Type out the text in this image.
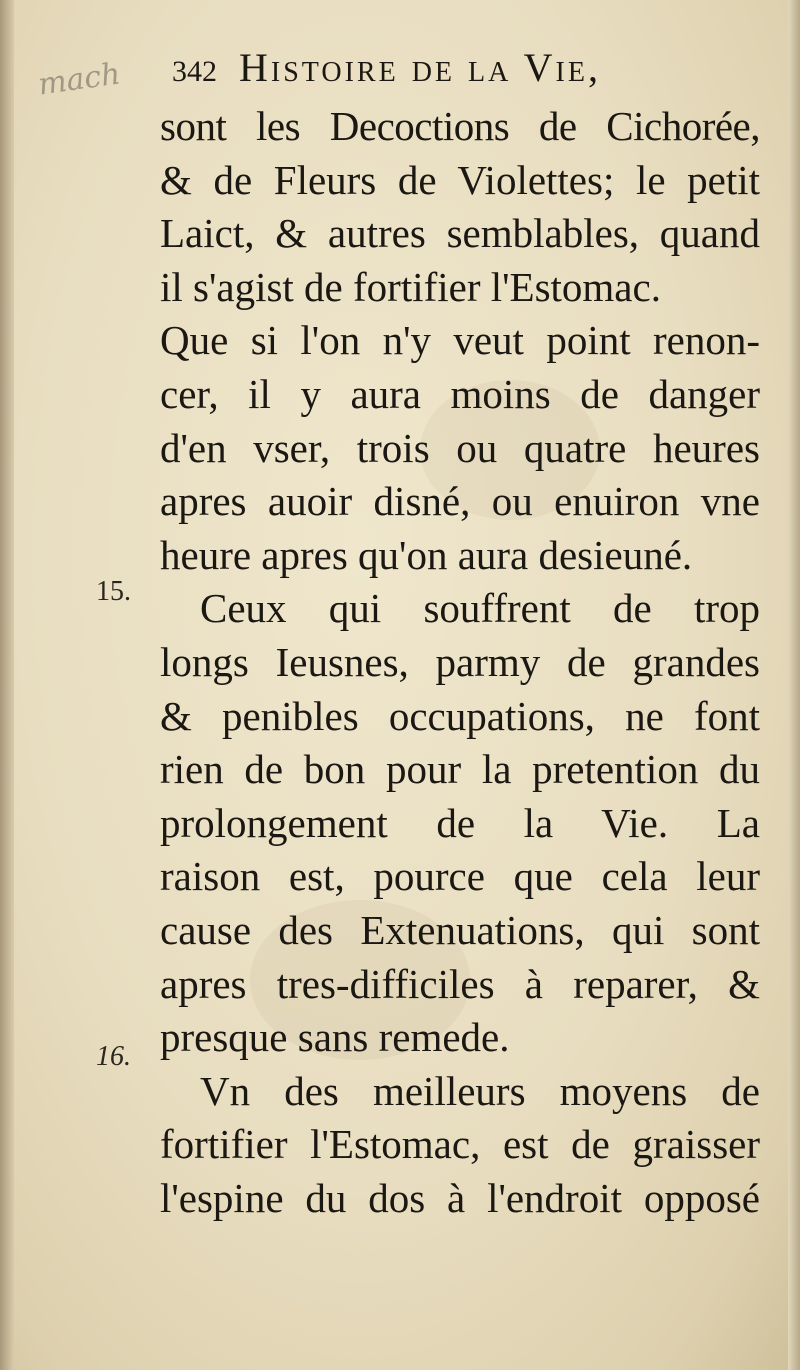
mach 342 Histoire de la Vie,
15.
16.
sont les Decoctions de Cichorée,
& de Fleurs de Violettes; le petit
Laict, & autres semblables, quand
il s'agist de fortifier l'Estomac.
Que si l'on n'y veut point renon-
cer, il y aura moins de danger
d'en vser, trois ou quatre heures
apres auoir disné, ou enuiron vne
heure apres qu'on aura desieuné.
Ceux qui souffrent de trop
longs Ieusnes, parmy de grandes
& penibles occupations, ne font
rien de bon pour la pretention du
prolongement de la Vie. La
raison est, pource que cela leur
cause des Extenuations, qui sont
apres tres-difficiles à reparer, &
presque sans remede.
Vn des meilleurs moyens de
fortifier l'Estomac, est de graisser
l'espine du dos à l'endroit opposé
